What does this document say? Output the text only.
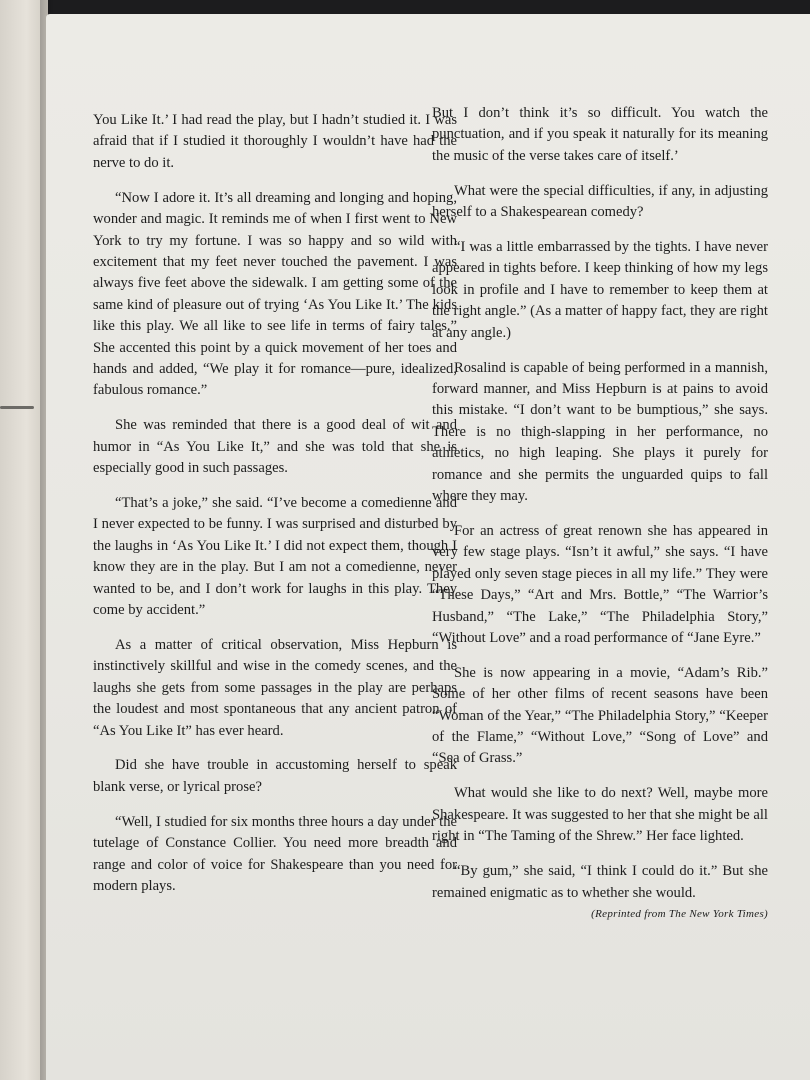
You Like It.’ I had read the play, but I hadn’t studied it. I was afraid that if I studied it thoroughly I wouldn’t have had the nerve to do it.

“Now I adore it. It’s all dreaming and longing and hoping, wonder and magic. It reminds me of when I first went to New York to try my fortune. I was so happy and so wild with excitement that my feet never touched the pavement. I was always five feet above the sidewalk. I am getting some of the same kind of pleasure out of trying ‘As You Like It.’ The kids like this play. We all like to see life in terms of fairy tales.” She accented this point by a quick movement of her toes and hands and added, “We play it for romance—pure, idealized, fabulous romance.”

She was reminded that there is a good deal of wit and humor in “As You Like It,” and she was told that she is especially good in such passages.

“That’s a joke,” she said. “I’ve become a comedienne and I never expected to be funny. I was surprised and disturbed by the laughs in ‘As You Like It.’ I did not expect them, though I know they are in the play. But I am not a comedienne, never wanted to be, and I don’t work for laughs in this play. They come by accident.”

As a matter of critical observation, Miss Hepburn is instinctively skillful and wise in the comedy scenes, and the laughs she gets from some passages in the play are perhaps the loudest and most spontaneous that any ancient patron of “As You Like It” has ever heard.

Did she have trouble in accustoming herself to speak blank verse, or lyrical prose?

“Well, I studied for six months three hours a day under the tutelage of Constance Collier. You need more breadth and range and color of voice for Shakespeare than you need for modern plays.

But I don’t think it’s so difficult. You watch the punctuation, and if you speak it naturally for its meaning the music of the verse takes care of itself.’

What were the special difficulties, if any, in adjusting herself to a Shakespearean comedy?

“I was a little embarrassed by the tights. I have never appeared in tights before. I keep thinking of how my legs look in profile and I have to remember to keep them at the right angle.” (As a matter of happy fact, they are right at any angle.)

Rosalind is capable of being performed in a mannish, forward manner, and Miss Hepburn is at pains to avoid this mistake. “I don’t want to be bumptious,” she says. There is no thigh-slapping in her performance, no athletics, no high leaping. She plays it purely for romance and she permits the unguarded quips to fall where they may.

For an actress of great renown she has appeared in very few stage plays. “Isn’t it awful,” she says. “I have played only seven stage pieces in all my life.” They were “These Days,” “Art and Mrs. Bottle,” “The Warrior’s Husband,” “The Lake,” “The Philadelphia Story,” “Without Love” and a road performance of “Jane Eyre.”

She is now appearing in a movie, “Adam’s Rib.” Some of her other films of recent seasons have been “Woman of the Year,” “The Philadelphia Story,” “Keeper of the Flame,” “Without Love,” “Song of Love” and “Sea of Grass.”

What would she like to do next? Well, maybe more Shakespeare. It was suggested to her that she might be all right in “The Taming of the Shrew.” Her face lighted.

“By gum,” she said, “I think I could do it.” But she remained enigmatic as to whether she would.
(Reprinted from The New York Times)
